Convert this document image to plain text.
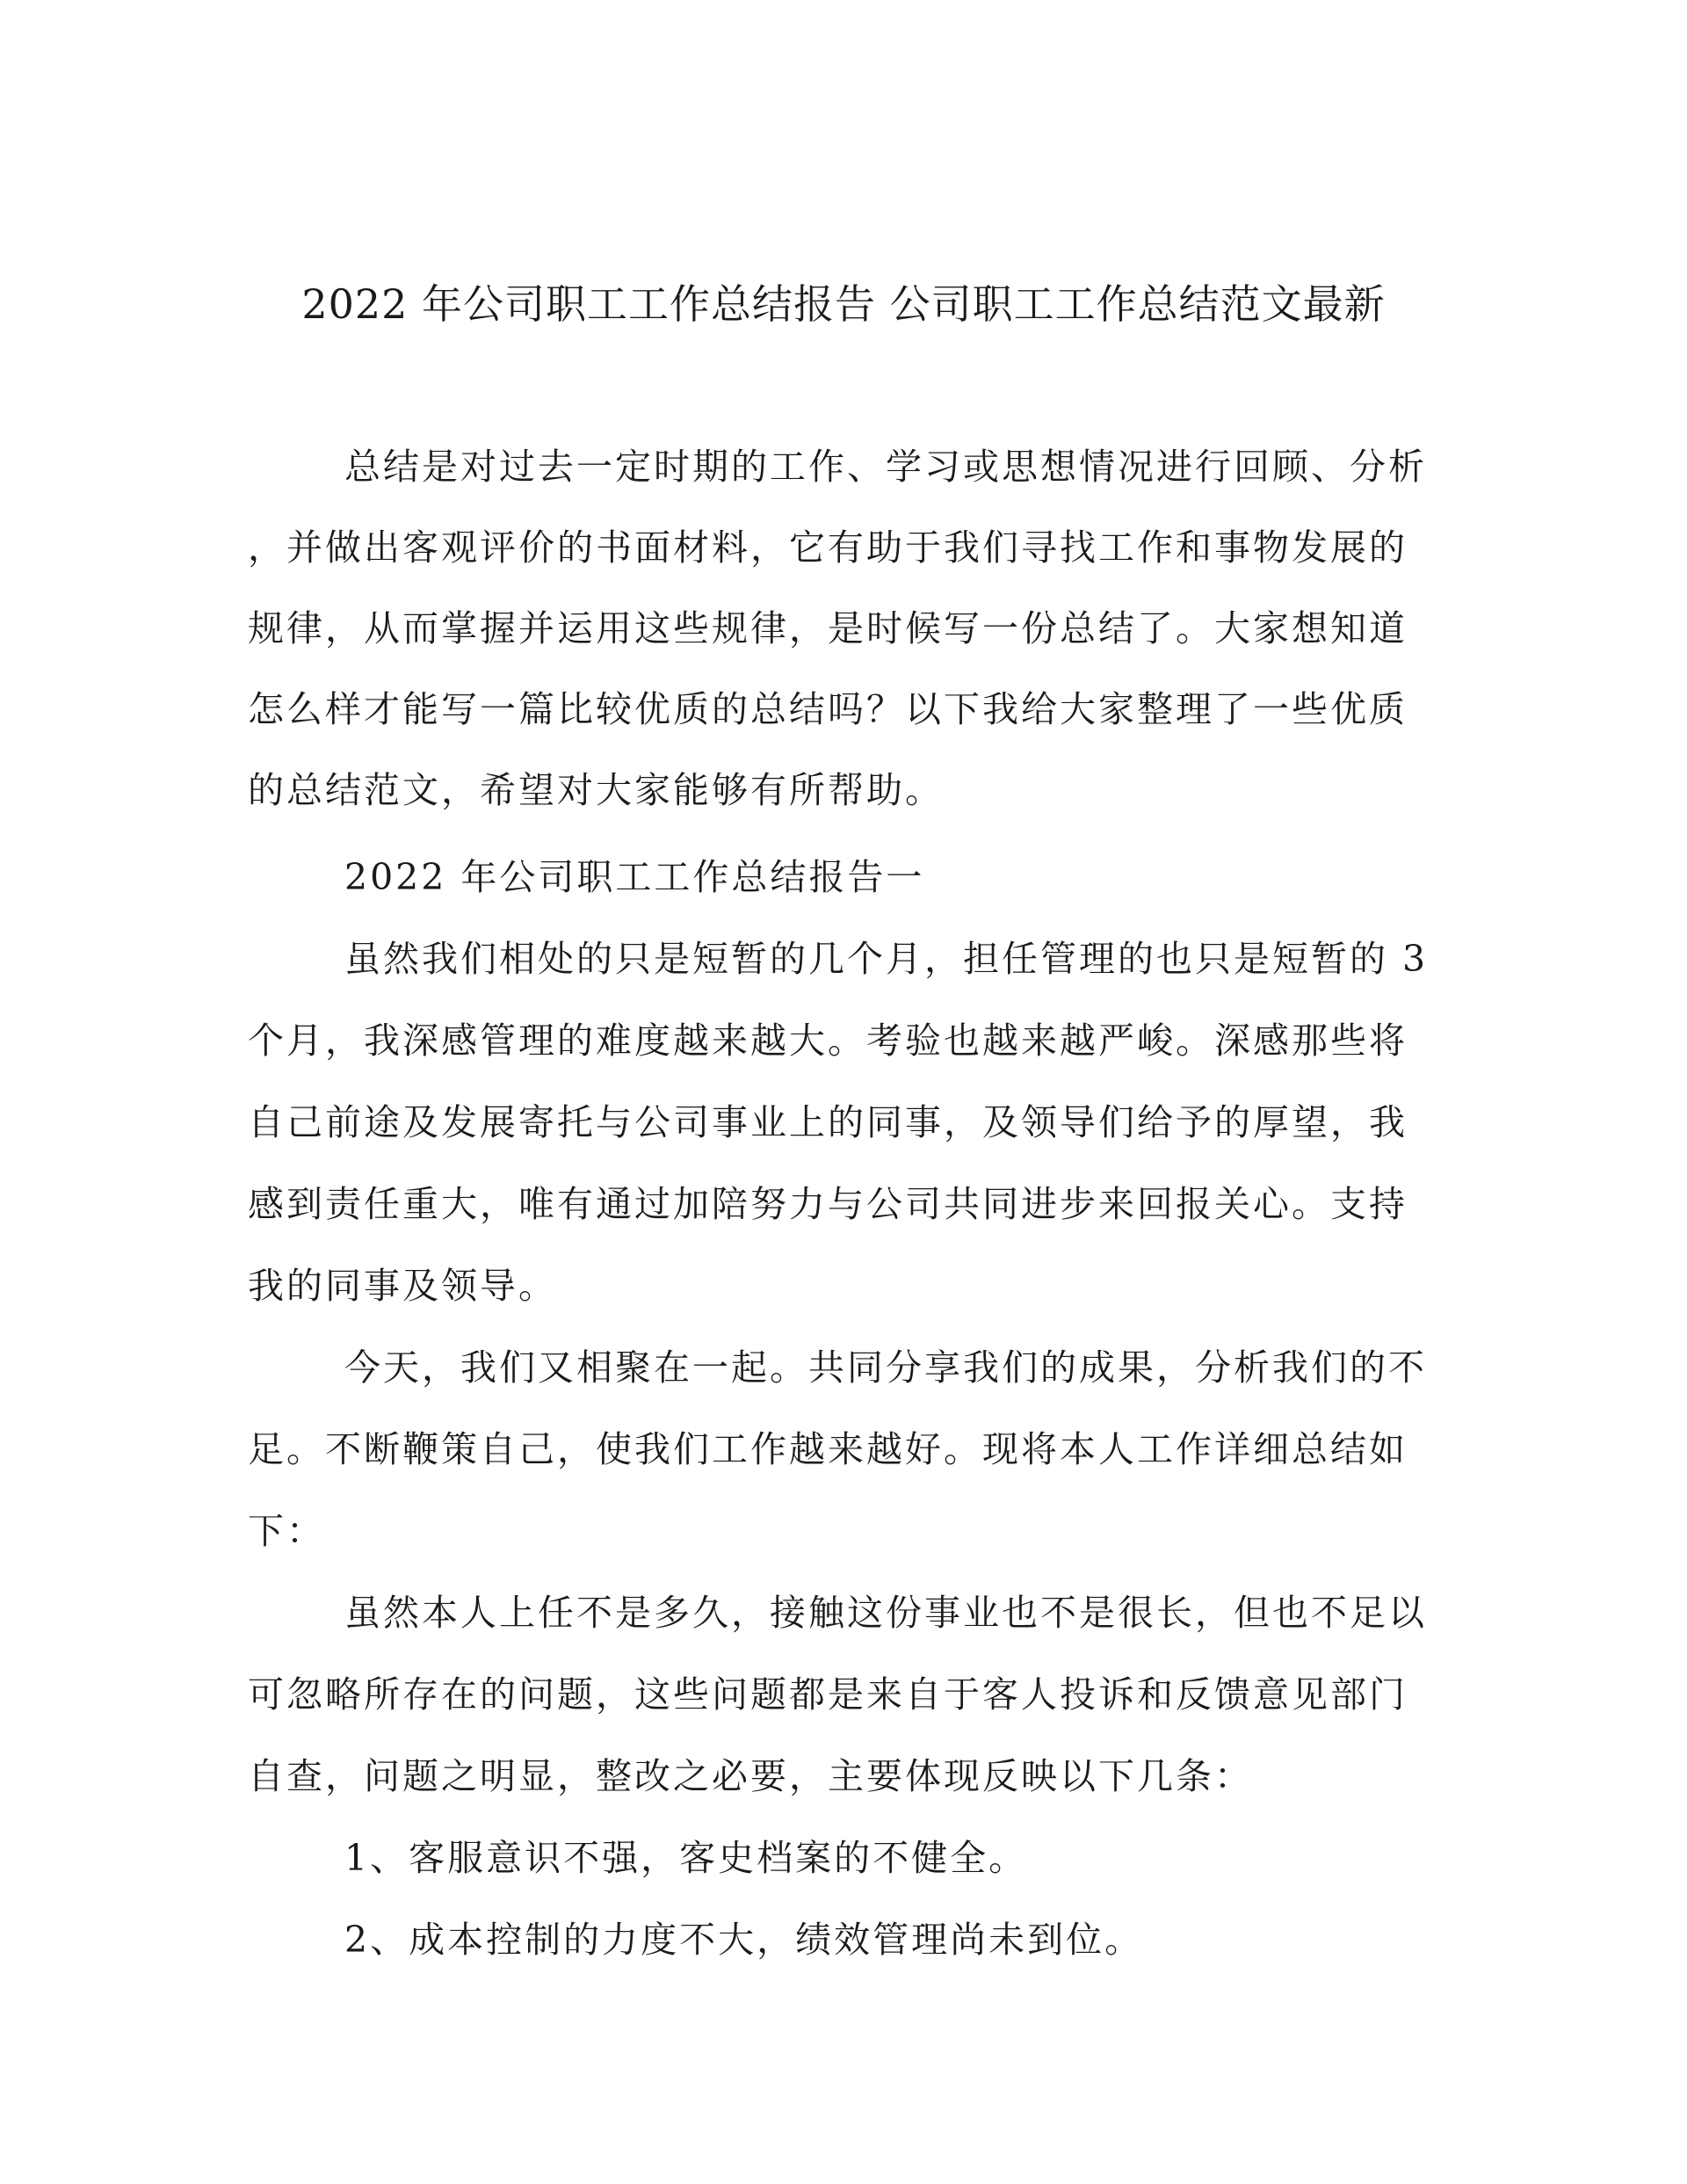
2022 年公司职工工作总结报告 公司职工工作总结范文最新
总结是对过去一定时期的工作、学习或思想情况进行回顾、分析
，并做出客观评价的书面材料，它有助于我们寻找工作和事物发展的
规律，从而掌握并运用这些规律，是时候写一份总结了。大家想知道
怎么样才能写一篇比较优质的总结吗？以下我给大家整理了一些优质
的总结范文，希望对大家能够有所帮助。
2022 年公司职工工作总结报告一
虽然我们相处的只是短暂的几个月，担任管理的也只是短暂的 3
个月，我深感管理的难度越来越大。考验也越来越严峻。深感那些将
自己前途及发展寄托与公司事业上的同事，及领导们给予的厚望，我
感到责任重大，唯有通过加陪努力与公司共同进步来回报关心。支持
我的同事及领导。
今天，我们又相聚在一起。共同分享我们的成果，分析我们的不
足。不断鞭策自己，使我们工作越来越好。现将本人工作详细总结如
下：
虽然本人上任不是多久，接触这份事业也不是很长，但也不足以
可忽略所存在的问题，这些问题都是来自于客人投诉和反馈意见部门
自查，问题之明显，整改之必要，主要体现反映以下几条：
1、客服意识不强，客史档案的不健全。
2、成本控制的力度不大，绩效管理尚未到位。
